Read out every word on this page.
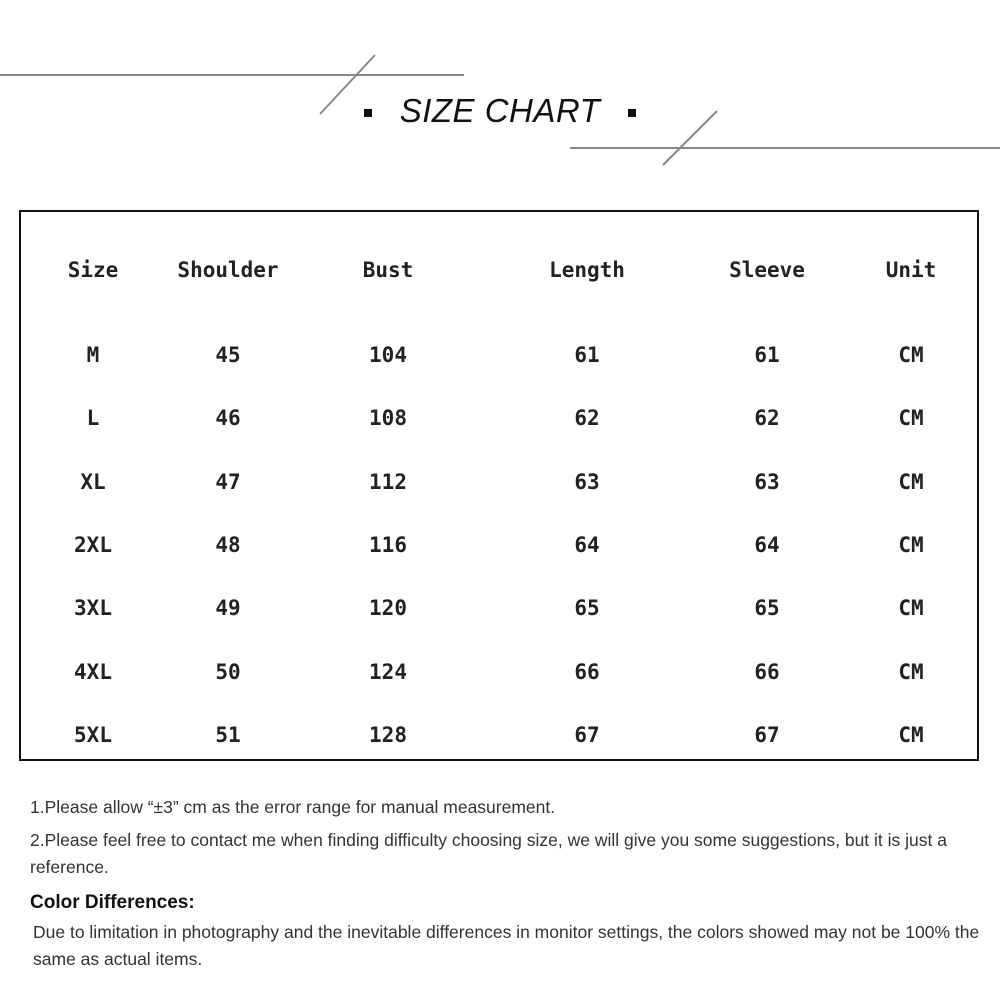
SIZE CHART
Size	Shoulder	Bust	Length	Sleeve	Unit
M	45	104	61	61	CM
L	46	108	62	62	CM
XL	47	112	63	63	CM
2XL	48	116	64	64	CM
3XL	49	120	65	65	CM
4XL	50	124	66	66	CM
5XL	51	128	67	67	CM
1.Please allow “±3” cm as the error range for manual measurement.
2.Please feel free to contact me when finding difficulty choosing size, we will give you some suggestions, but it is just a reference.
Color Differences:
Due to limitation in photography and the inevitable differences in monitor settings, the colors showed may not be 100% the same as actual items.
